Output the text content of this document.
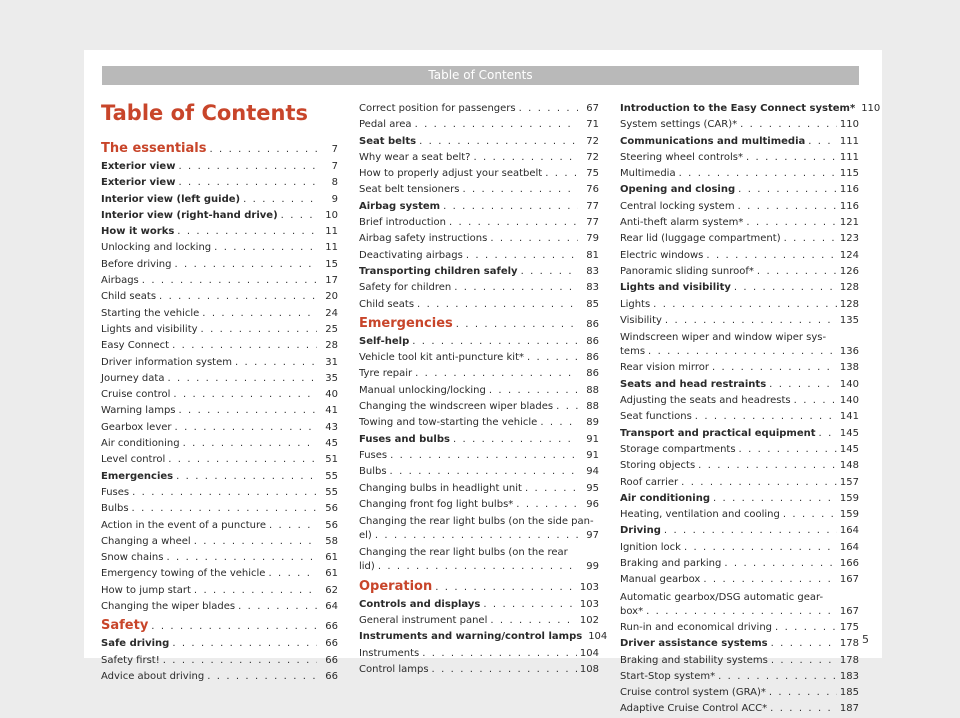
Table of Contents
Table of Contents
The essentials . . .	7
Exterior view . . .	7
Exterior view . . .	8
Interior view (left guide) . . .	9
Interior view (right-hand drive) . . .	10
How it works . . .	11
Unlocking and locking . . .	11
Before driving . . .	15
Airbags . . .	17
Child seats . . .	20
Starting the vehicle . . .	24
Lights and visibility . . .	25
Easy Connect . . .	28
Driver information system . . .	31
Journey data . . .	35
Cruise control . . .	40
Warning lamps . . .	41
Gearbox lever . . .	43
Air conditioning . . .	45
Level control . . .	51
Emergencies . . .	55
Fuses . . .	55
Bulbs . . .	56
Action in the event of a puncture . . .	56
Changing a wheel . . .	58
Snow chains . . .	61
Emergency towing of the vehicle . . .	61
How to jump start . . .	62
Changing the wiper blades . . .	64
Safety . . .	66
Safe driving . . .	66
Safety first! . . .	66
Advice about driving . . .	66
Correct position for passengers . . .	67
Pedal area . . .	71
Seat belts . . .	72
Why wear a seat belt? . . .	72
How to properly adjust your seatbelt . . .	75
Seat belt tensioners . . .	76
Airbag system . . .	77
Brief introduction . . .	77
Airbag safety instructions . . .	79
Deactivating airbags . . .	81
Transporting children safely . . .	83
Safety for children . . .	83
Child seats . . .	85
Emergencies . . .	86
Self-help . . .	86
Vehicle tool kit anti-puncture kit* . . .	86
Tyre repair . . .	86
Manual unlocking/locking . . .	88
Changing the windscreen wiper blades . . .	88
Towing and tow-starting the vehicle . . .	89
Fuses and bulbs . . .	91
Fuses . . .	91
Bulbs . . .	94
Changing bulbs in headlight unit . . .	95
Changing front fog light bulbs* . . .	96
Changing the rear light bulbs (on the side pan-
el) . . .	97
Changing the rear light bulbs (on the rear
lid) . . .	99
Operation . . .	103
Controls and displays . . .	103
General instrument panel . . .	102
Instruments and warning/control lamps 104
Instruments . . .	104
Control lamps . . .	108
Introduction to the Easy Connect system* 110
System settings (CAR)* . . .	110
Communications and multimedia . . .	111
Steering wheel controls* . . .	111
Multimedia . . .	115
Opening and closing . . .	116
Central locking system . . .	116
Anti-theft alarm system* . . .	121
Rear lid (luggage compartment) . . .	123
Electric windows . . .	124
Panoramic sliding sunroof* . . .	126
Lights and visibility . . .	128
Lights . . .	128
Visibility . . .	135
Windscreen wiper and window wiper sys-
tems . . .	136
Rear vision mirror . . .	138
Seats and head restraints . . .	140
Adjusting the seats and headrests . . .	140
Seat functions . . .	141
Transport and practical equipment . . . 145
Storage compartments . . .	145
Storing objects . . .	148
Roof carrier . . .	157
Air conditioning . . .	159
Heating, ventilation and cooling . . .	159
Driving . . .	164
Ignition lock . . .	164
Braking and parking . . .	166
Manual gearbox . . .	167
Automatic gearbox/DSG automatic gear-
box* . . .	167
Run-in and economical driving . . .	175
Driver assistance systems . . .	178
Braking and stability systems . . .	178
Start-Stop system* . . .	183
Cruise control system (GRA)* . . .	185
Adaptive Cruise Control ACC* . . .	187
5
